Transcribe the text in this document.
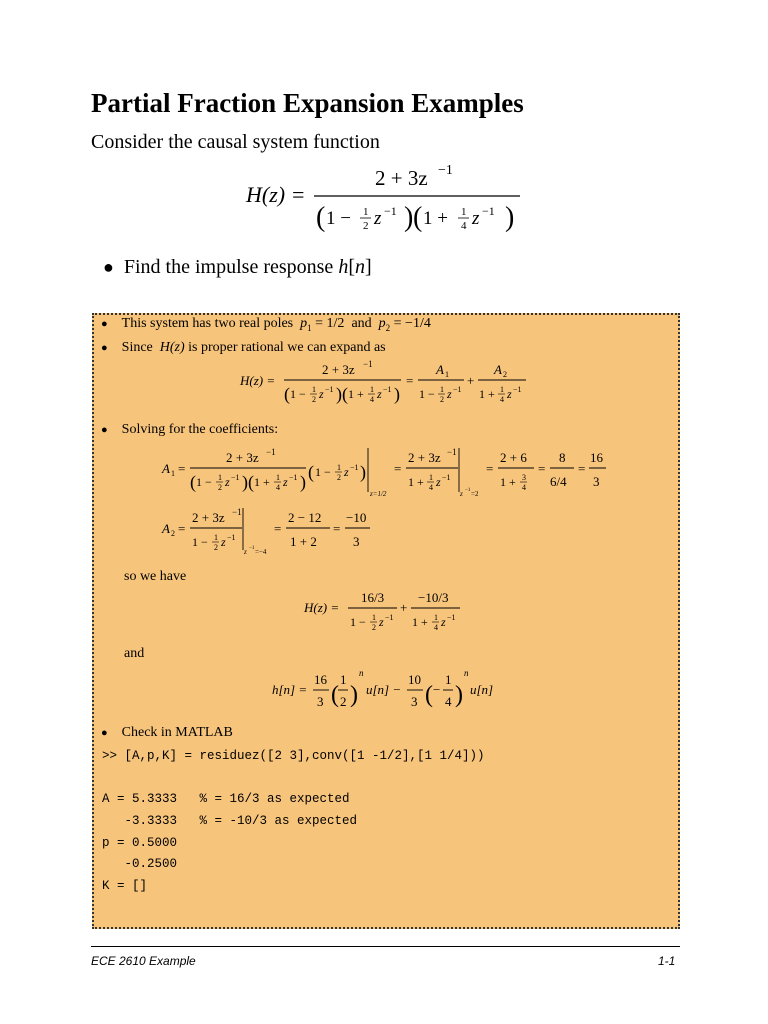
Partial Fraction Expansion Examples
Consider the causal system function
H(z) =
2 + 3z −1
( 1 − 1
2 z −1 ) ( 1 + 1
4 z −1 )
● Find the impulse response h[n]
● This system has two real poles $p_1 = 1/2$ and $p_2 = -1/4$
● Since H(z) is proper rational we can expand as
H(z) =
2 + 3z −1
( 1 − 1
2 z −1 ) ( 1 + 1
4 z −1 )
=
A 1
1 − 1
2 z −1
+
A 2
1 + 1
4 z −1
● Solving for the coefficients:
A 1 =
2 + 3z −1
( 1 − 1
2 z −1 ) ( 1 + 1
4 z −1 ) ( 1 − 1
2 z −1 )
z=1/2
=
2 + 3z −1
1 + 1
4 z −1
z −1 =2
=
2 + 6
1 + 3
4
=
8
6/4
=
16
3
A 2 =
2 + 3z −1
1 − 1
2 z −1
z −1 =−4
=
2 − 12
1 + 2
=
−10
3
so we have
H(z) =
16/3
1 − 1
2 z −1
+
−10/3
1 + 1
4 z −1
and
h[n] =
16
3 (
1
2 )
n
u[n] −
10
3 ( −
1
4 )
n
u[n]
● Check in MATLAB
>> [A,p,K] = residuez([2 3],conv([1 -1/2],[1 1/4]))
A = 5.3333   % = 16/3 as expected
-3.3333   % = -10/3 as expected
p = 0.5000
-0.2500
K = []
ECE 2610 Example	1-1
